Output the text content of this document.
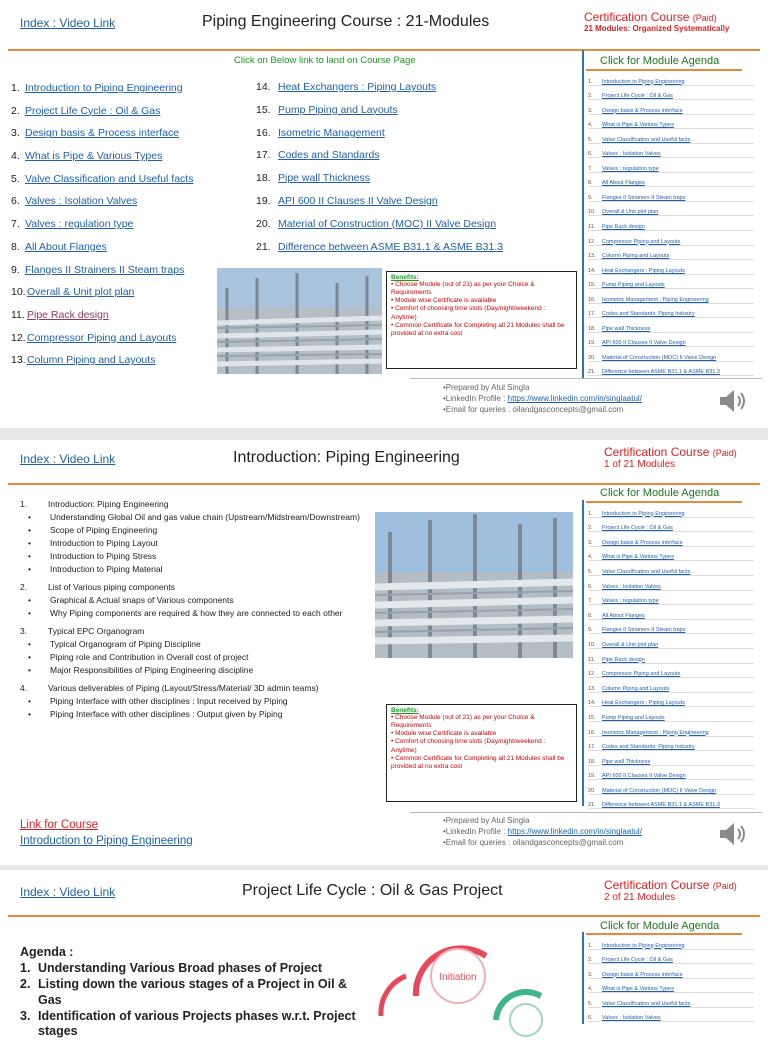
Index : Video Link	Piping Engineering Course : 21-Modules	Certification Course (Paid)
21 Modules: Organized Systematically
Click on Below link to land on Course Page	Click for Module Agenda
1. Introduction to Piping Engineering
2. Project Life Cycle : Oil & Gas
3. Design basis & Process interface
4. What is Pipe & Various Types
5. Valve Classification and Useful facts
6. Valves : Isolation Valves
7. Valves : regulation type
8. All About Flanges
9. Flanges II Strainers II Steam traps
10. Overall & Unit plot plan
11. Pipe Rack design
12. Compressor Piping and Layouts
13. Column Piping and Layouts
14. Heat Exchangers : Piping Layouts
15. Pump Piping and Layouts
16. Isometric Management
17. Codes and Standards
18. Pipe wall Thickness
19. API 600 II Clauses II Valve Design
20. Material of Construction (MOC) II Valve Design
21. Difference between ASME B31.1 & ASME B31.3
1.	Introduction to Piping Engineering
2.	Project Life Cycle : Oil & Gas
3.	Design basis & Process interface
4.	What is Pipe & Various Types
5.	Valve Classification and Useful facts
6.	Valves : Isolation Valves
7.	Valves : regulation type
8.	All About Flanges
9.	Flanges II Strainers II Steam traps
10.	Overall & Unit plot plan
11.	Pipe Rack design
12.	Compressor Piping and Layouts
13.	Column Piping and Layouts
14.	Heat Exchangers : Piping Layouts
15.	Pump Piping and Layouts
16.	Isometric Management : Piping Engineering
17.	Codes and Standards: Piping Industry
18.	Pipe wall Thickness
19.	API 600 II Clauses II Valve Design
20.	Material of Construction (MOC) II Valve Design
21.	Difference between ASME B31.1 & ASME B31.3
Benefits:
• Choose Module (out of 21) as per your Choice & Requirements
• Module wise Certificate is available
• Comfort of choosing time slots (Day/night/weekend : Anytime)
• Common Certificate for Completing all 21 Modules shall be provided at no extra cost
•Prepared by Atul Singla
•LinkedIn Profile : https://www.linkedin.com/in/singlaatul/
•Email for queries : oilandgasconcepts@gmail.com
Index : Video Link	Introduction: Piping Engineering	Certification Course (Paid)
1 of 21 Modules
Click for Module Agenda
1.	Introduction to Piping Engineering
2.	Project Life Cycle : Oil & Gas
3.	Design basis & Process interface
4.	What is Pipe & Various Types
5.	Valve Classification and Useful facts
6.	Valves : Isolation Valves
7.	Valves : regulation type
8.	All About Flanges
9.	Flanges II Strainers II Steam traps
10.	Overall & Unit plot plan
11.	Pipe Rack design
12.	Compressor Piping and Layouts
13.	Column Piping and Layouts
14.	Heat Exchangers : Piping Layouts
15.	Pump Piping and Layouts
16.	Isometric Management : Piping Engineering
17.	Codes and Standards: Piping Industry
18.	Pipe wall Thickness
19.	API 600 II Clauses II Valve Design
20.	Material of Construction (MOC) II Valve Design
21.	Difference between ASME B31.1 & ASME B31.3
1.	Introduction: Piping Engineering
•	Understanding Global Oil and gas value chain (Upstream/Midstream/Downstream)
•	Scope of Piping Engineering
•	Introduction to Piping Layout
•	Introduction to Piping Stress
•	Introduction to Piping Material
2.	List of Various piping components
•	Graphical & Actual snaps of Various components
•	Why Piping components are required & how they are connected to each other
3.	Typical EPC Organogram
•	Typical Organogram of Piping Discipline
•	Piping role and Contribution in Overall cost of project
•	Major Responsibilities of Piping Engineering discipline
4.	Various deliverables of Piping (Layout/Stress/Material/ 3D admin teams)
•	Piping Interface with other disciplines : Input received by Piping
•	Piping Interface with other disciplines : Output given by Piping	Benefits:
• Choose Module (out of 21) as per your Choice & Requirements
• Module wise Certificate is available
• Comfort of choosing time slots (Day/night/weekend : Anytime)
• Common Certificate for Completing all 21 Modules shall be provided at no extra cost
Link for Course
Introduction to Piping Engineering
•Prepared by Atul Singla
•LinkedIn Profile : https://www.linkedin.com/in/singlaatul/
•Email for queries : oilandgasconcepts@gmail.com
Index : Video Link	Project Life Cycle : Oil & Gas Project	Certification Course (Paid)
2 of 21 Modules
Click for Module Agenda
1.	Introduction to Piping Engineering
2.	Project Life Cycle : Oil & Gas
3.	Design basis & Process interface
4.	What is Pipe & Various Types
5.	Valve Classification and Useful facts
6.	Valves : Isolation Valves
Agenda :
1. Understanding Various Broad phases of Project
2. Listing down the various stages of a Project in Oil & Gas
3. Identification of various Projects phases w.r.t. Project stages
Initiation
